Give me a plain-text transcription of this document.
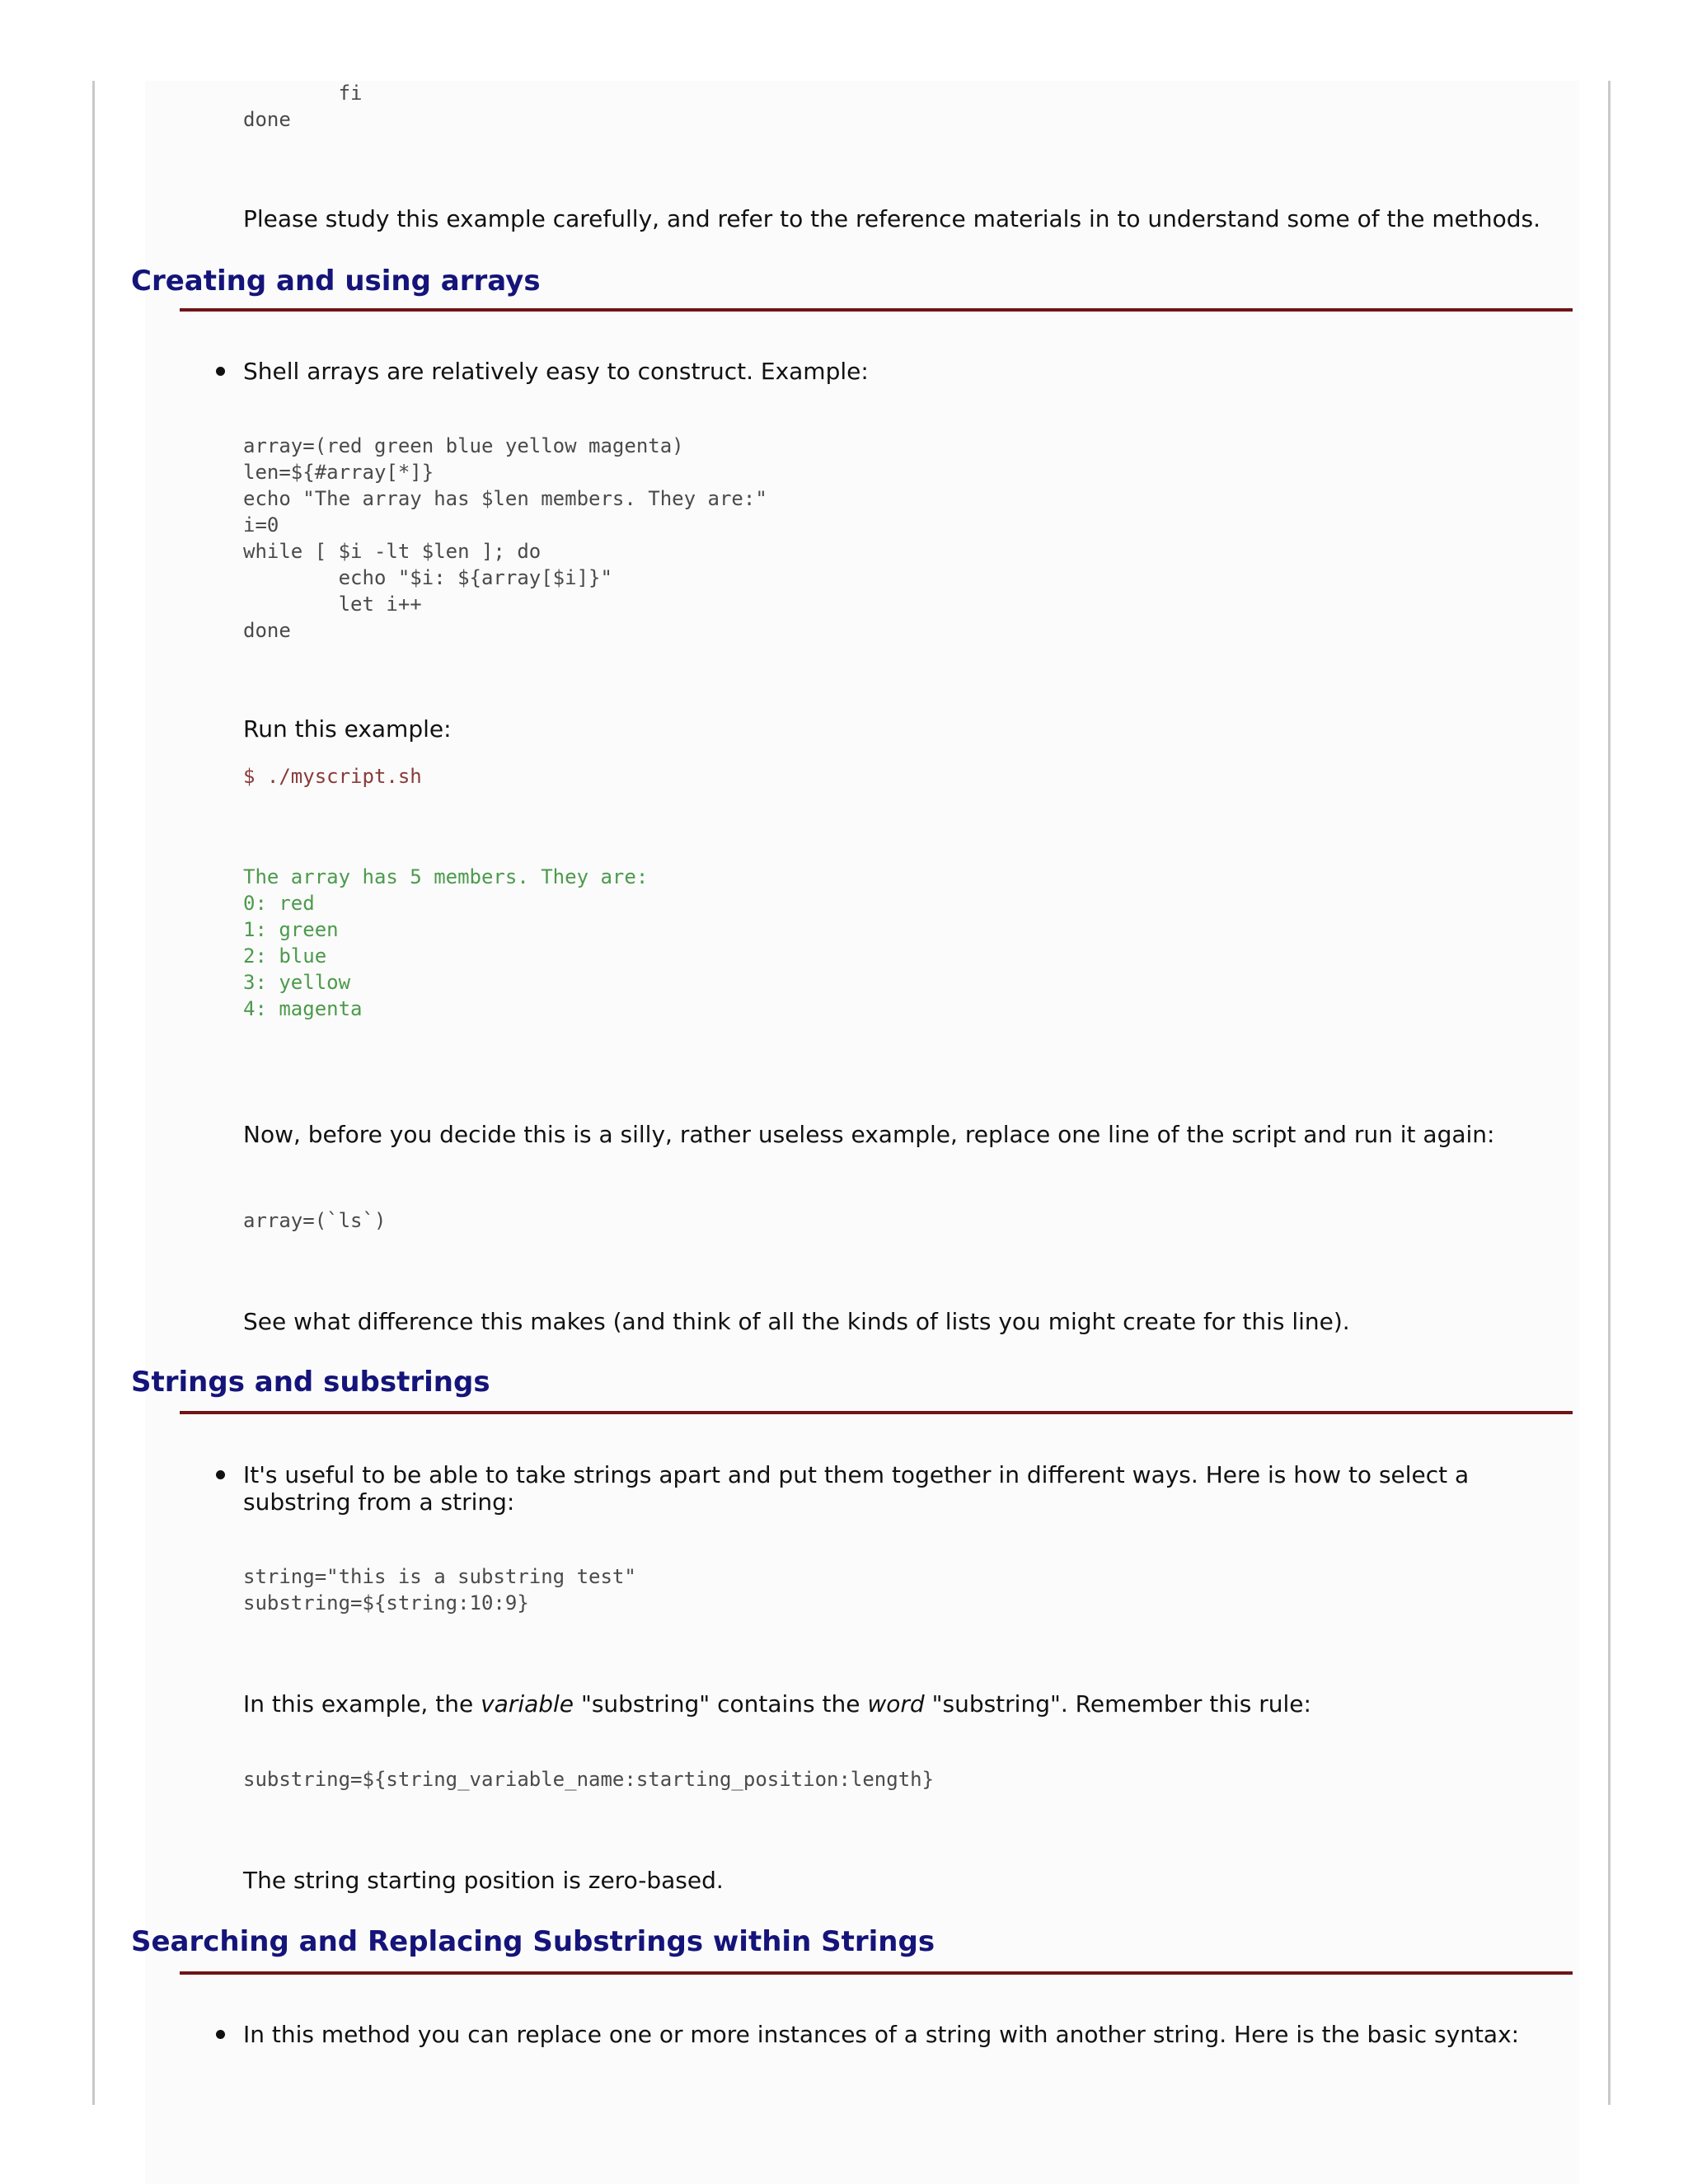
fi
done

Please study this example carefully, and refer to the reference materials in to understand some of the methods.

Creating and using arrays

Shell arrays are relatively easy to construct. Example:

array=(red green blue yellow magenta)
len=${#array[*]}
echo "The array has $len members. They are:"
i=0
while [ $i -lt $len ]; do
echo "$i: ${array[$i]}"
let i++
done

Run this example:

$ ./myscript.sh
The array has 5 members. They are:
0: red
1: green
2: blue
3: yellow
4: magenta

Now, before you decide this is a silly, rather useless example, replace one line of the script and run it again:

array=(`ls`)

See what difference this makes (and think of all the kinds of lists you might create for this line).

Strings and substrings

It's useful to be able to take strings apart and put them together in different ways. Here is how to select a substring from a string:

string="this is a substring test"
substring=${string:10:9}

In this example, the variable "substring" contains the word "substring". Remember this rule:

substring=${string_variable_name:starting_position:length}

The string starting position is zero-based.

Searching and Replacing Substrings within Strings

In this method you can replace one or more instances of a string with another string. Here is the basic syntax:
